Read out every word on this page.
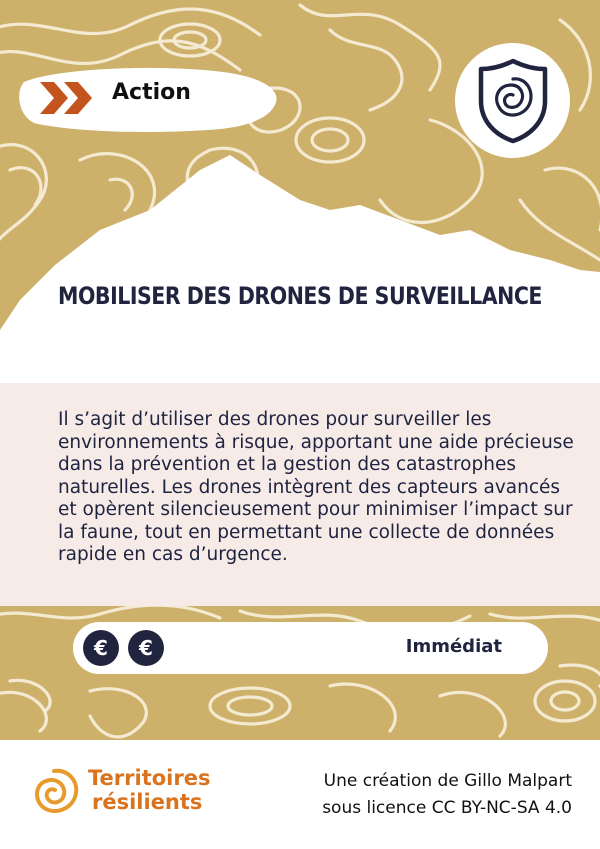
Action
MOBILISER DES DRONES DE SURVEILLANCE

Il s’agit d’utiliser des drones pour surveiller les environnements à risque, apportant une aide précieuse dans la prévention et la gestion des catastrophes naturelles. Les drones intègrent des capteurs avancés et opèrent silencieusement pour minimiser l’impact sur la faune, tout en permettant une collecte de données rapide en cas d’urgence.

€	€	Immédiat
Territoires
résilients
Une création de Gillo Malpart
sous licence CC BY-NC-SA 4.0
